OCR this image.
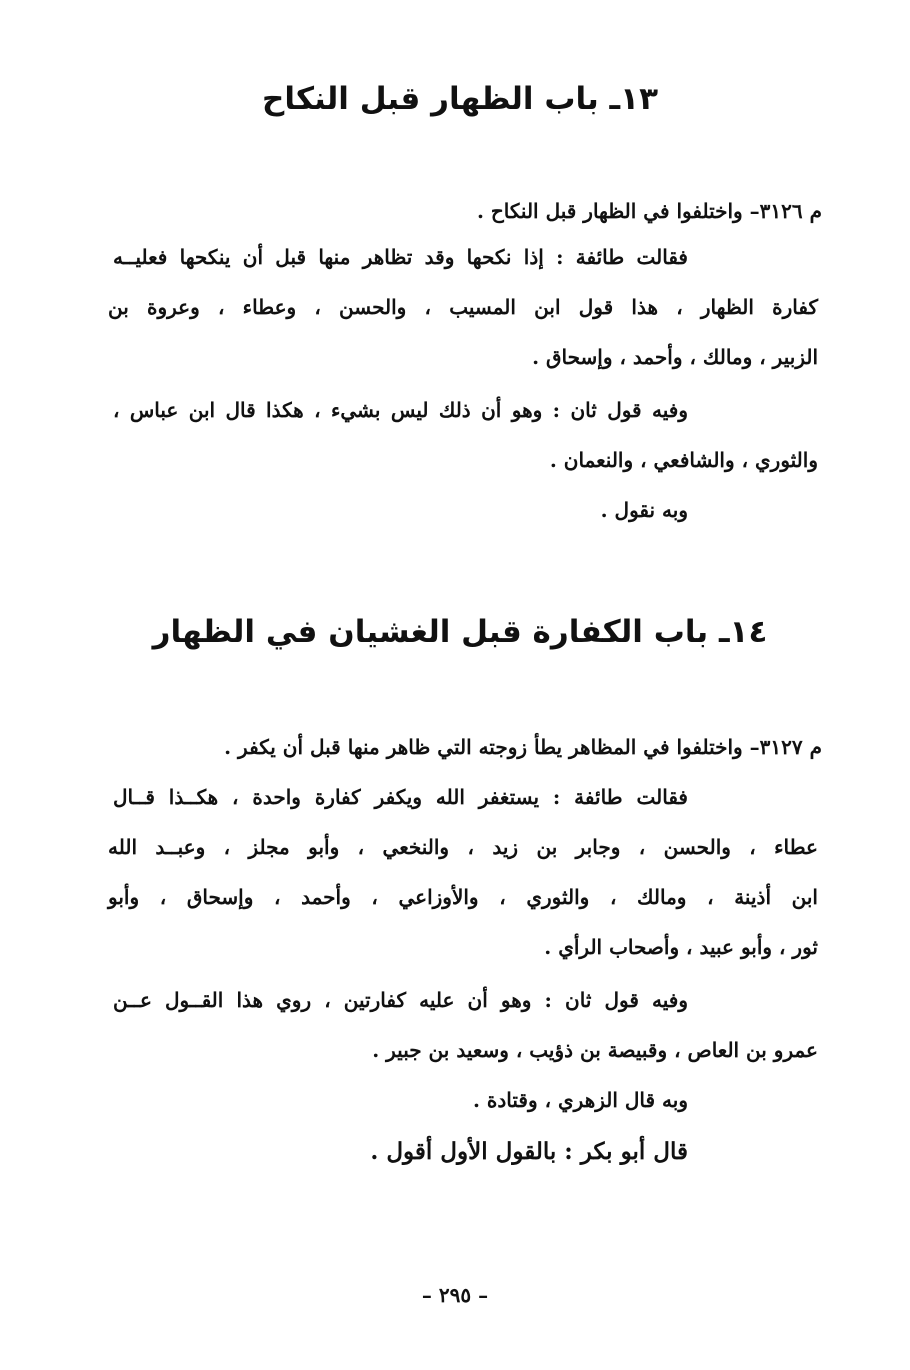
١٣ـ باب الظهار قبل النكاح
م ٣١٢٦– واختلفوا في الظهار قبل النكاح .
فقالت طائفة : إذا نكحها وقد تظاهر منها قبل أن ينكحها فعليــه
كفارة الظهار ، هذا قول ابن المسيب ، والحسن ، وعطاء ، وعروة بن
الزبير ، ومالك ، وأحمد ، وإسحاق .
وفيه قول ثان : وهو أن ذلك ليس بشيء ، هكذا قال ابن عباس ،
والثوري ، والشافعي ، والنعمان .
وبه نقول .
١٤ـ باب الكفارة قبل الغشيان في الظهار
م ٣١٢٧– واختلفوا في المظاهر يطأ زوجته التي ظاهر منها قبل أن يكفر .
فقالت طائفة : يستغفر الله ويكفر كفارة واحدة ، هكــذا قــال
عطاء ، والحسن ، وجابر بن زيد ، والنخعي ، وأبو مجلز ، وعبــد الله
ابن أذينة ، ومالك ، والثوري ، والأوزاعي ، وأحمد ، وإسحاق ، وأبو
ثور ، وأبو عبيد ، وأصحاب الرأي .
وفيه قول ثان : وهو أن عليه كفارتين ، روي هذا القــول عــن
عمرو بن العاص ، وقبيصة بن ذؤيب ، وسعيد بن جبير .
وبه قال الزهري ، وقتادة .
قال أبو بكر : بالقول الأول أقول .
– ٢٩٥ –
